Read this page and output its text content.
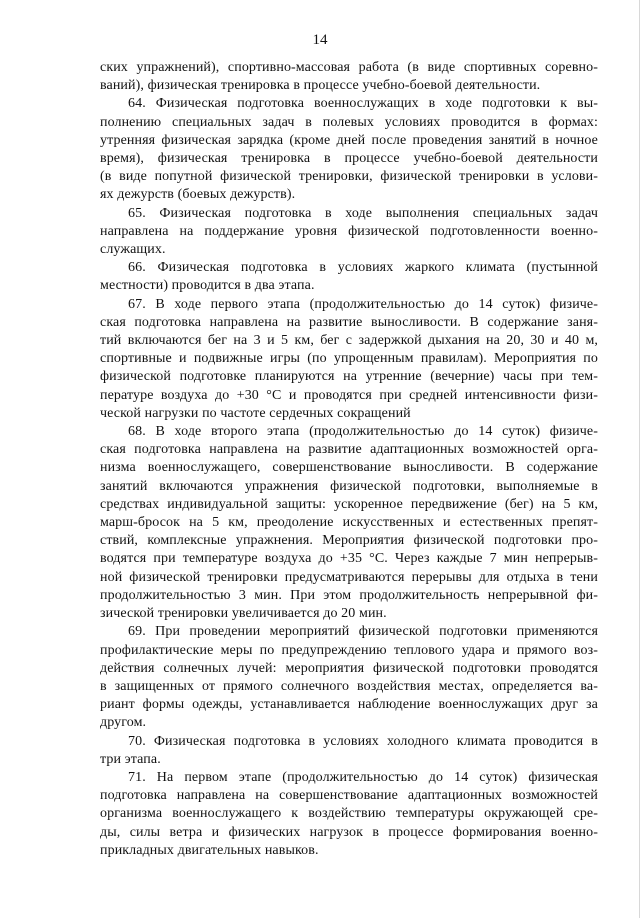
14

ских упражнений), спортивно-массовая работа (в виде спортивных соревно-
ваний), физическая тренировка в процессе учебно-боевой деятельности.

64. Физическая подготовка военнослужащих в ходе подготовки к вы-
полнению специальных задач в полевых условиях проводится в формах:
утренняя физическая зарядка (кроме дней после проведения занятий в ночное
время), физическая тренировка в процессе учебно-боевой деятельности
(в виде попутной физической тренировки, физической тренировки в услови-
ях дежурств (боевых дежурств).

65. Физическая подготовка в ходе выполнения специальных задач
направлена на поддержание уровня физической подготовленности военно-
служащих.

66. Физическая подготовка в условиях жаркого климата (пустынной
местности) проводится в два этапа.

67. В ходе первого этапа (продолжительностью до 14 суток) физиче-
ская подготовка направлена на развитие выносливости. В содержание заня-
тий включаются бег на 3 и 5 км, бег с задержкой дыхания на 20, 30 и 40 м,
спортивные и подвижные игры (по упрощенным правилам). Мероприятия по
физической подготовке планируются на утренние (вечерние) часы при тем-
пературе воздуха до +30 °С и проводятся при средней интенсивности физи-
ческой нагрузки по частоте сердечных сокращений

68. В ходе второго этапа (продолжительностью до 14 суток) физиче-
ская подготовка направлена на развитие адаптационных возможностей орга-
низма военнослужащего, совершенствование выносливости. В содержание
занятий включаются упражнения физической подготовки, выполняемые в
средствах индивидуальной защиты: ускоренное передвижение (бег) на 5 км,
марш-бросок на 5 км, преодоление искусственных и естественных препят-
ствий, комплексные упражнения. Мероприятия физической подготовки про-
водятся при температуре воздуха до +35 °С. Через каждые 7 мин непрерыв-
ной физической тренировки предусматриваются перерывы для отдыха в тени
продолжительностью 3 мин. При этом продолжительность непрерывной фи-
зической тренировки увеличивается до 20 мин.

69. При проведении мероприятий физической подготовки применяются
профилактические меры по предупреждению теплового удара и прямого воз-
действия солнечных лучей: мероприятия физической подготовки проводятся
в защищенных от прямого солнечного воздействия местах, определяется ва-
риант формы одежды, устанавливается наблюдение военнослужащих друг за
другом.

70. Физическая подготовка в условиях холодного климата проводится в
три этапа.

71. На первом этапе (продолжительностью до 14 суток) физическая
подготовка направлена на совершенствование адаптационных возможностей
организма военнослужащего к воздействию температуры окружающей сре-
ды, силы ветра и физических нагрузок в процессе формирования военно-
прикладных двигательных навыков.
